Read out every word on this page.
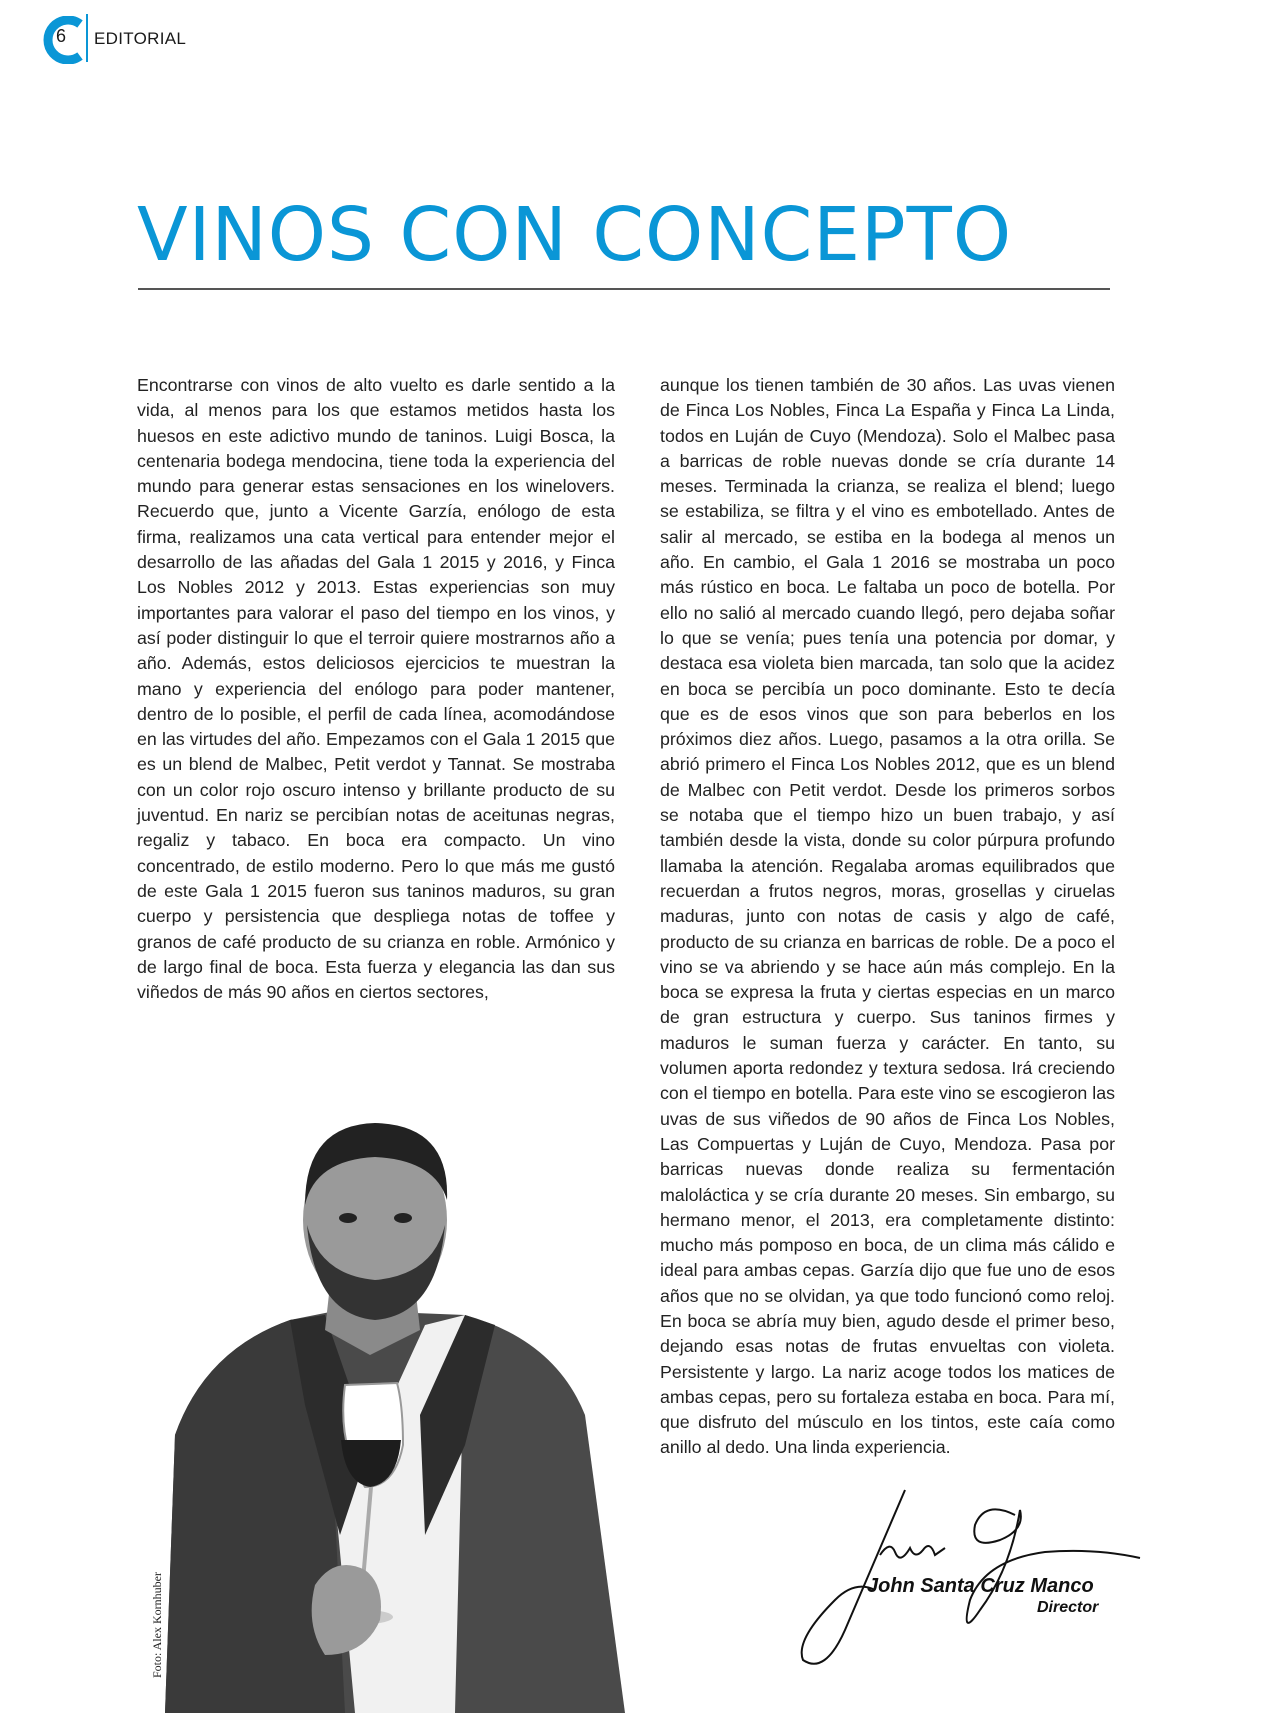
6 EDITORIAL
VINOS CON CONCEPTO

Encontrarse con vinos de alto vuelto es darle sentido a la vida, al menos para los que estamos metidos hasta los huesos en este adictivo mundo de taninos. Luigi Bosca, la centenaria bodega mendocina, tiene toda la experiencia del mundo para generar estas sensaciones en los winelovers. Recuerdo que, junto a Vicente Garzía, enólogo de esta firma, realizamos una cata vertical para entender mejor el desarrollo de las añadas del Gala 1 2015 y 2016, y Finca Los Nobles 2012 y 2013. Estas experiencias son muy importantes para valorar el paso del tiempo en los vinos, y así poder distinguir lo que el terroir quiere mostrarnos año a año. Además, estos deliciosos ejercicios te muestran la mano y experiencia del enólogo para poder mantener, dentro de lo posible, el perfil de cada línea, acomodándose en las virtudes del año. Empezamos con el Gala 1 2015 que es un blend de Malbec, Petit verdot y Tannat. Se mostraba con un color rojo oscuro intenso y brillante producto de su juventud. En nariz se percibían notas de aceitunas negras, regaliz y tabaco. En boca era compacto. Un vino concentrado, de estilo moderno. Pero lo que más me gustó de este Gala 1 2015 fueron sus taninos maduros, su gran cuerpo y persistencia que despliega notas de toffee y granos de café producto de su crianza en roble. Armónico y de largo final de boca. Esta fuerza y elegancia las dan sus viñedos de más 90 años en ciertos sectores,

aunque los tienen también de 30 años. Las uvas vienen de Finca Los Nobles, Finca La España y Finca La Linda, todos en Luján de Cuyo (Mendoza). Solo el Malbec pasa a barricas de roble nuevas donde se cría durante 14 meses. Terminada la crianza, se realiza el blend; luego se estabiliza, se filtra y el vino es embotellado. Antes de salir al mercado, se estiba en la bodega al menos un año. En cambio, el Gala 1 2016 se mostraba un poco más rústico en boca. Le faltaba un poco de botella. Por ello no salió al mercado cuando llegó, pero dejaba soñar lo que se venía; pues tenía una potencia por domar, y destaca esa violeta bien marcada, tan solo que la acidez en boca se percibía un poco dominante. Esto te decía que es de esos vinos que son para beberlos en los próximos diez años. Luego, pasamos a la otra orilla. Se abrió primero el Finca Los Nobles 2012, que es un blend de Malbec con Petit verdot. Desde los primeros sorbos se notaba que el tiempo hizo un buen trabajo, y así también desde la vista, donde su color púrpura profundo llamaba la atención. Regalaba aromas equilibrados que recuerdan a frutos negros, moras, grosellas y ciruelas maduras, junto con notas de casis y algo de café, producto de su crianza en barricas de roble. De a poco el vino se va abriendo y se hace aún más complejo. En la boca se expresa la fruta y ciertas especias en un marco de gran estructura y cuerpo. Sus taninos firmes y maduros le suman fuerza y carácter. En tanto, su volumen aporta redondez y textura sedosa. Irá creciendo con el tiempo en botella. Para este vino se escogieron las uvas de sus viñedos de 90 años de Finca Los Nobles, Las Compuertas y Luján de Cuyo, Mendoza. Pasa por barricas nuevas donde realiza su fermentación maloláctica y se cría durante 20 meses. Sin embargo, su hermano menor, el 2013, era completamente distinto: mucho más pomposo en boca, de un clima más cálido e ideal para ambas cepas. Garzía dijo que fue uno de esos años que no se olvidan, ya que todo funcionó como reloj. En boca se abría muy bien, agudo desde el primer beso, dejando esas notas de frutas envueltas con violeta. Persistente y largo. La nariz acoge todos los matices de ambas cepas, pero su fortaleza estaba en boca. Para mí, que disfruto del músculo en los tintos, este caía como anillo al dedo. Una linda experiencia.

Foto: Alex Kornhuber	John Santa Cruz Manco
Director
